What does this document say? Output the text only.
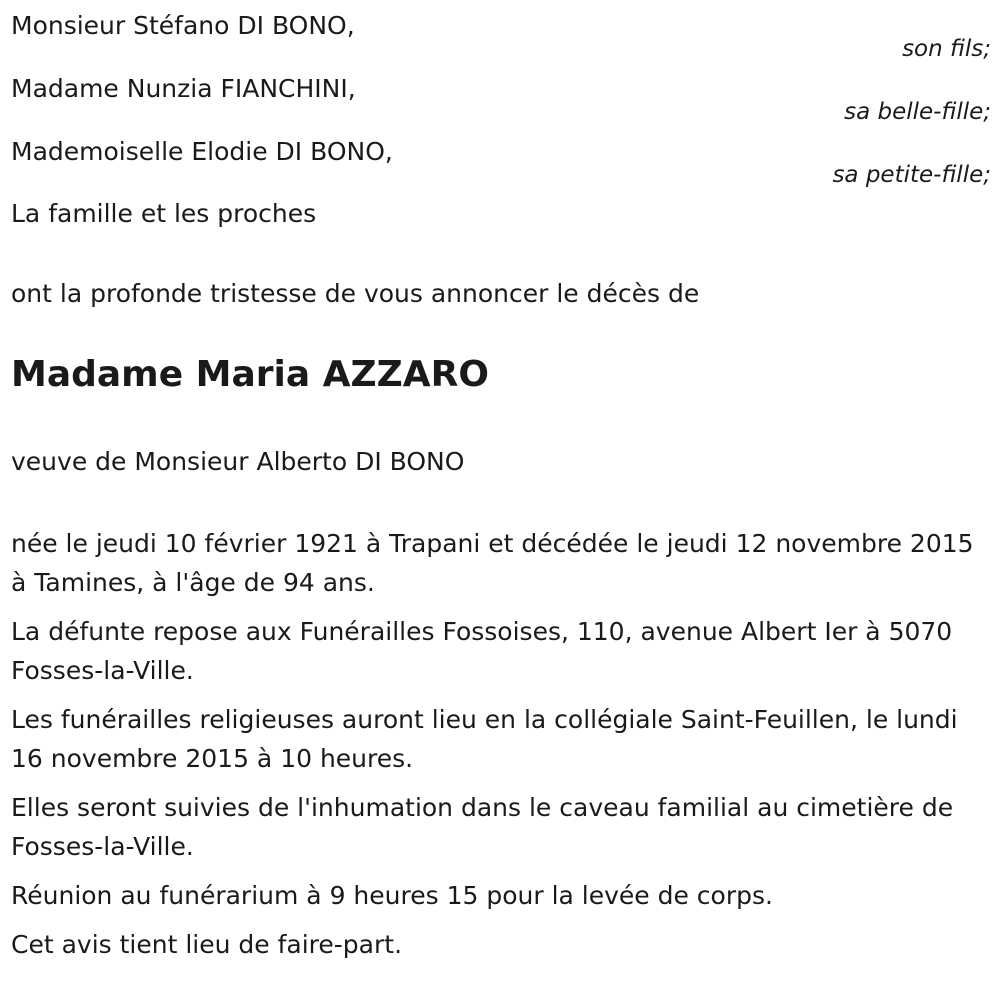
Monsieur Stéfano DI BONO,
son fils;
Madame Nunzia FIANCHINI,
sa belle-fille;
Mademoiselle Elodie DI BONO,
sa petite-fille;
La famille et les proches
ont la profonde tristesse de vous annoncer le décès de
Madame Maria AZZARO
veuve de Monsieur Alberto DI BONO

née le jeudi 10 février 1921 à Trapani et décédée le jeudi 12 novembre 2015 à Tamines, à l'âge de 94 ans.

La défunte repose aux Funérailles Fossoises, 110, avenue Albert Ier à 5070 Fosses-la-Ville.

Les funérailles religieuses auront lieu en la collégiale Saint-Feuillen, le lundi 16 novembre 2015 à 10 heures.

Elles seront suivies de l'inhumation dans le caveau familial au cimetière de Fosses-la-Ville.

Réunion au funérarium à 9 heures 15 pour la levée de corps.

Cet avis tient lieu de faire-part.
